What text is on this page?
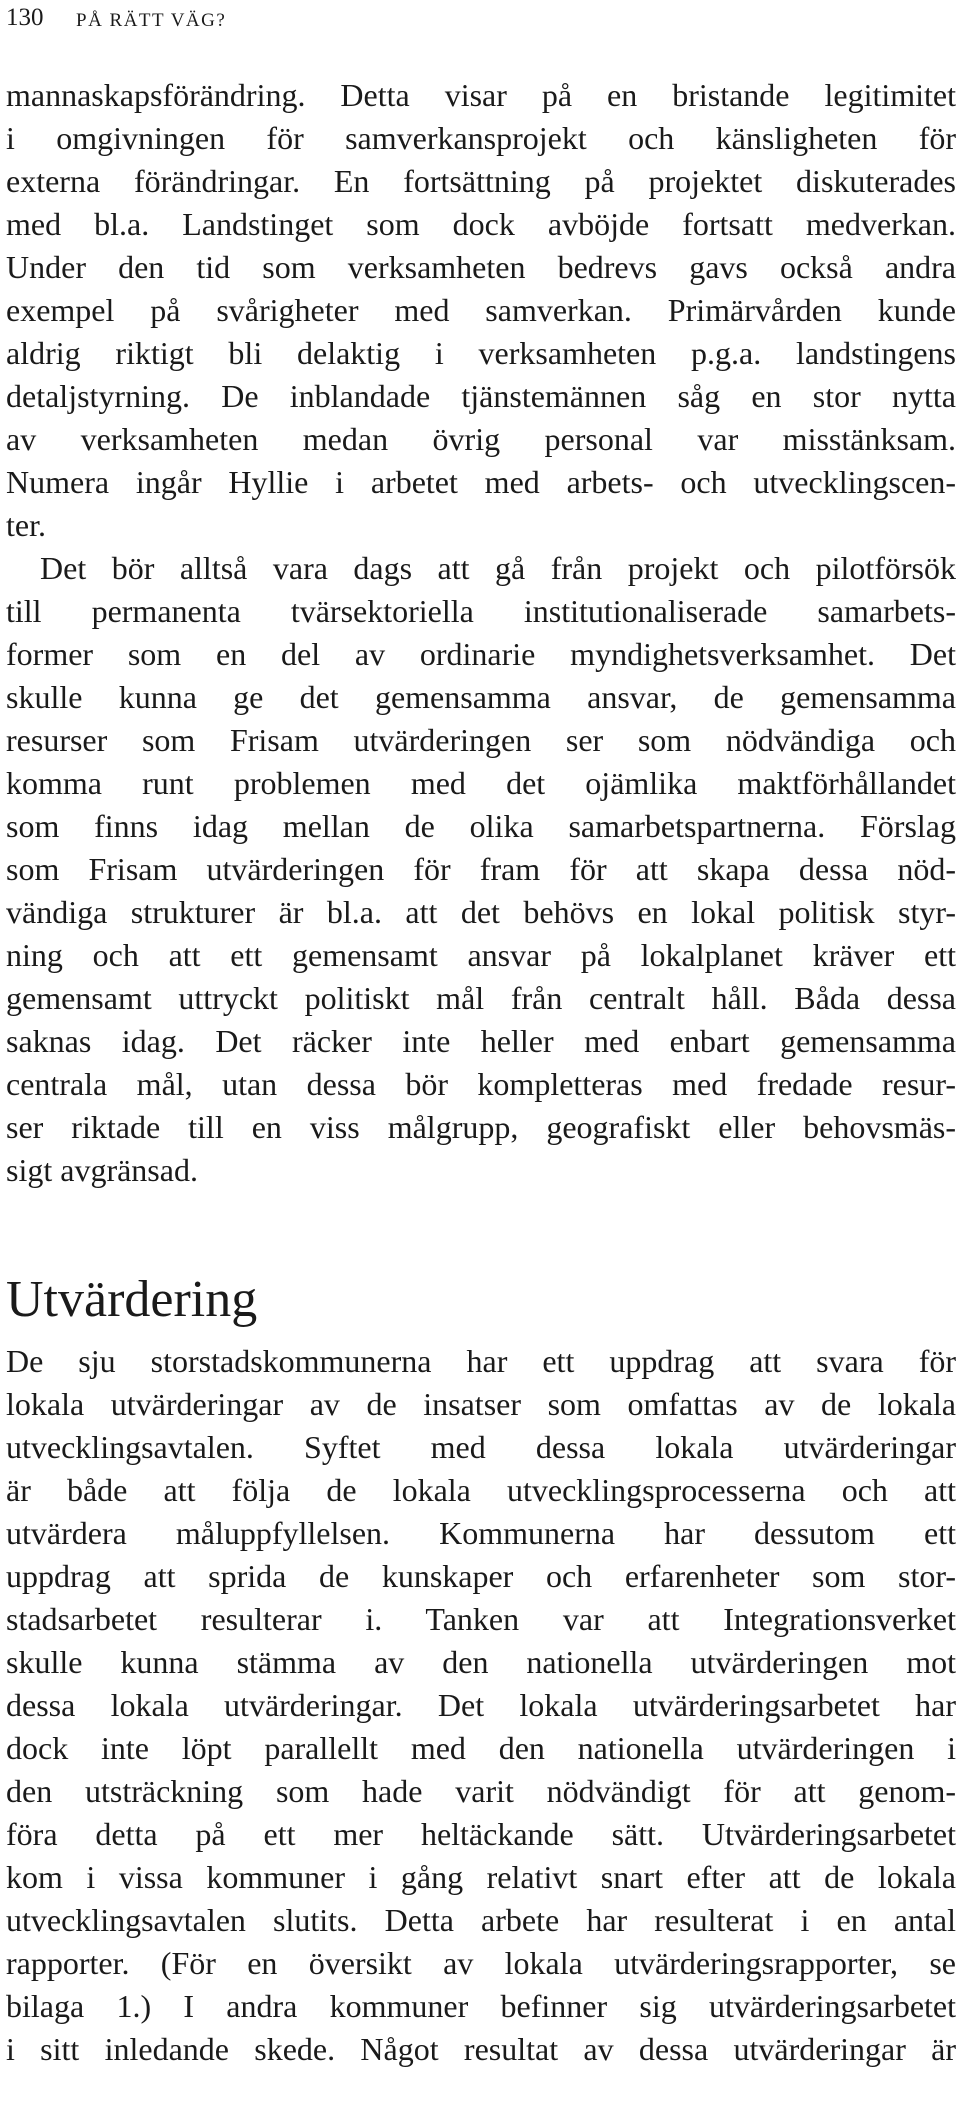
130 PÅ RÄTT VÄG?
mannaskapsförändring. Detta visar på en bristande legitimitet
i omgivningen för samverkansprojekt och känsligheten för
externa förändringar. En fortsättning på projektet diskuterades
med bl.a. Landstinget som dock avböjde fortsatt medverkan.
Under den tid som verksamheten bedrevs gavs också andra
exempel på svårigheter med samverkan. Primärvården kunde
aldrig riktigt bli delaktig i verksamheten p.g.a. landstingens
detaljstyrning. De inblandade tjänstemännen såg en stor nytta
av verksamheten medan övrig personal var misstänksam.
Numera ingår Hyllie i arbetet med arbets- och utvecklingscen-
ter.
Det bör alltså vara dags att gå från projekt och pilotförsök
till permanenta tvärsektoriella institutionaliserade samarbets-
former som en del av ordinarie myndighetsverksamhet. Det
skulle kunna ge det gemensamma ansvar, de gemensamma
resurser som Frisam utvärderingen ser som nödvändiga och
komma runt problemen med det ojämlika maktförhållandet
som finns idag mellan de olika samarbetspartnerna. Förslag
som Frisam utvärderingen för fram för att skapa dessa nöd-
vändiga strukturer är bl.a. att det behövs en lokal politisk styr-
ning och att ett gemensamt ansvar på lokalplanet kräver ett
gemensamt uttryckt politiskt mål från centralt håll. Båda dessa
saknas idag. Det räcker inte heller med enbart gemensamma
centrala mål, utan dessa bör kompletteras med fredade resur-
ser riktade till en viss målgrupp, geografiskt eller behovsmäs-
sigt avgränsad.
Utvärdering
De sju storstadskommunerna har ett uppdrag att svara för
lokala utvärderingar av de insatser som omfattas av de lokala
utvecklingsavtalen. Syftet med dessa lokala utvärderingar
är både att följa de lokala utvecklingsprocesserna och att
utvärdera måluppfyllelsen. Kommunerna har dessutom ett
uppdrag att sprida de kunskaper och erfarenheter som stor-
stadsarbetet resulterar i. Tanken var att Integrationsverket
skulle kunna stämma av den nationella utvärderingen mot
dessa lokala utvärderingar. Det lokala utvärderingsarbetet har
dock inte löpt parallellt med den nationella utvärderingen i
den utsträckning som hade varit nödvändigt för att genom-
föra detta på ett mer heltäckande sätt. Utvärderingsarbetet
kom i vissa kommuner i gång relativt snart efter att de lokala
utvecklingsavtalen slutits. Detta arbete har resulterat i en antal
rapporter. (För en översikt av lokala utvärderingsrapporter, se
bilaga 1.) I andra kommuner befinner sig utvärderingsarbetet
i sitt inledande skede. Något resultat av dessa utvärderingar är
